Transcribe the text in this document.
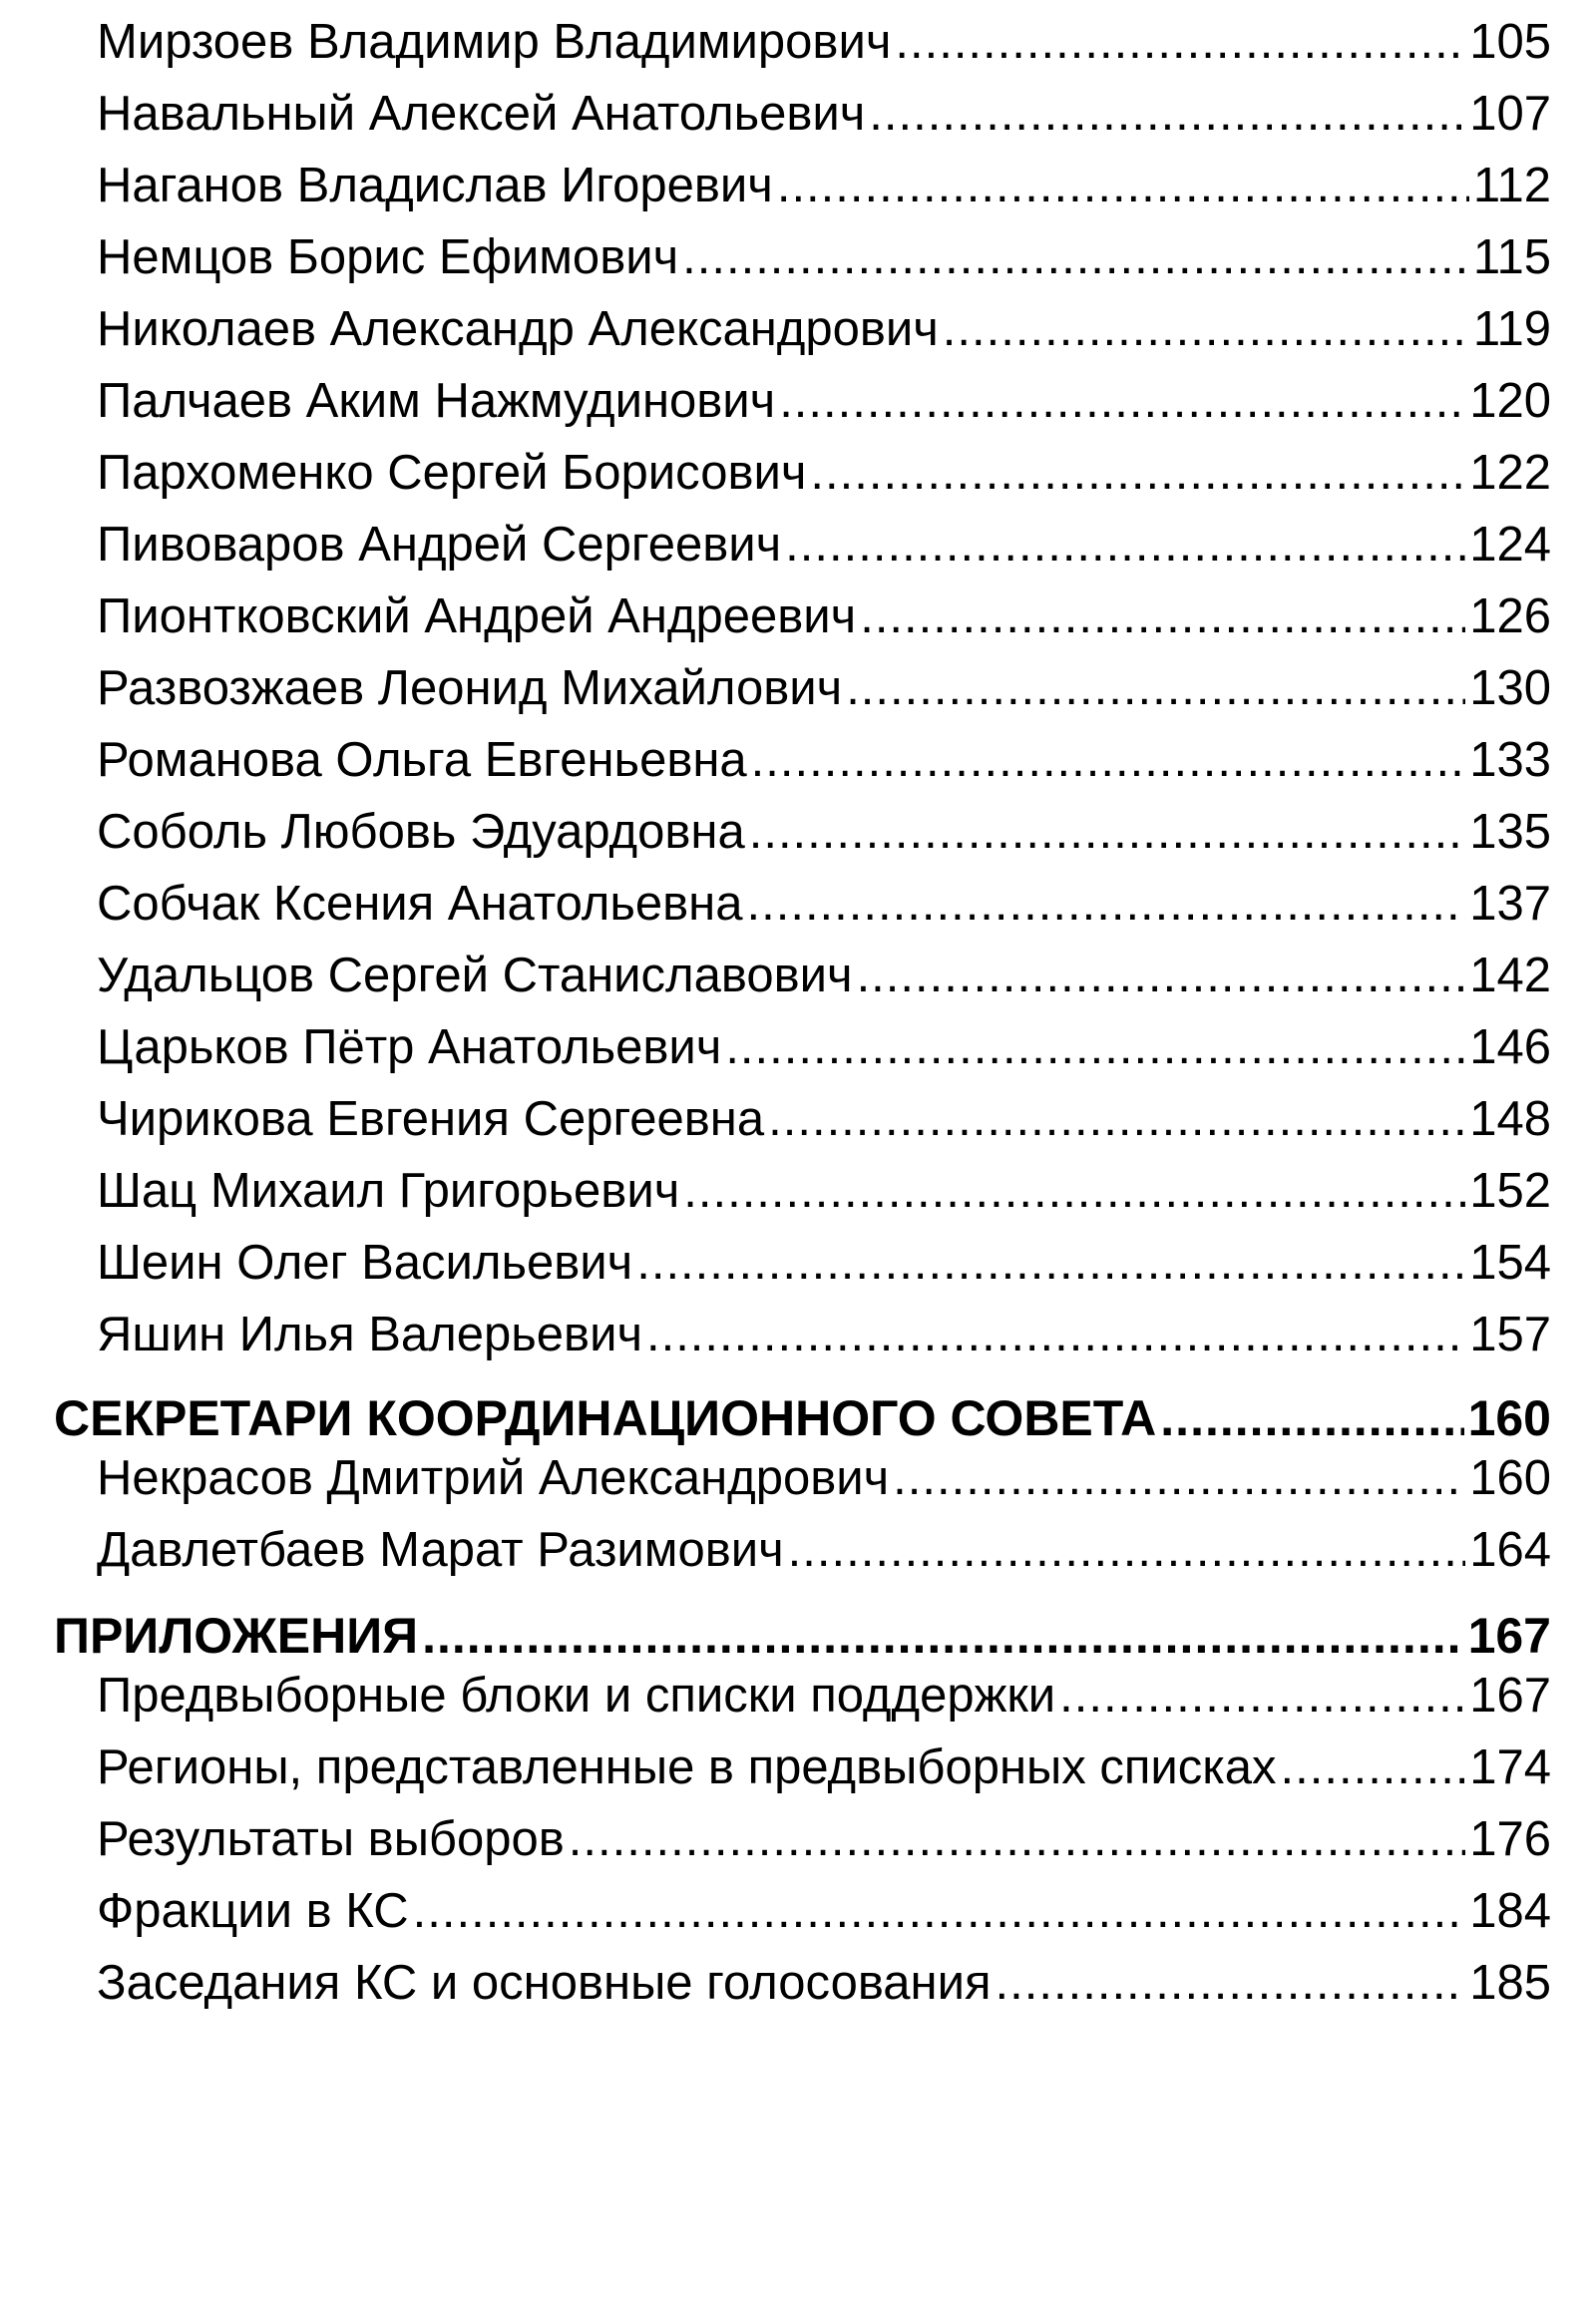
Мирзоев Владимир Владимирович .....	105
Навальный Алексей Анатольевич .....	107
Наганов Владислав Игоревич .....	112
Немцов Борис Ефимович .....	115
Николаев Александр Александрович .....	119
Палчаев Аким Нажмудинович .....	120
Пархоменко Сергей Борисович .....	122
Пивоваров Андрей Сергеевич .....	124
Пионтковский Андрей Андреевич .....	126
Развозжаев Леонид Михайлович .....	130
Романова Ольга Евгеньевна .....	133
Соболь Любовь Эдуардовна .....	135
Собчак Ксения Анатольевна .....	137
Удальцов Сергей Станиславович .....	142
Царьков Пётр Анатольевич .....	146
Чирикова Евгения Сергеевна .....	148
Шац Михаил Григорьевич .....	152
Шеин Олег Васильевич .....	154
Яшин Илья Валерьевич .....	157
СЕКРЕТАРИ КООРДИНАЦИОННОГО СОВЕТА .....	160
Некрасов Дмитрий Александрович .....	160
Давлетбаев Марат Разимович .....	164
ПРИЛОЖЕНИЯ .....	167
Предвыборные блоки и списки поддержки .....	167
Регионы, представленные в предвыборных списках .....	174
Результаты выборов .....	176
Фракции в КС .....	184
Заседания КС и основные голосования .....	185
